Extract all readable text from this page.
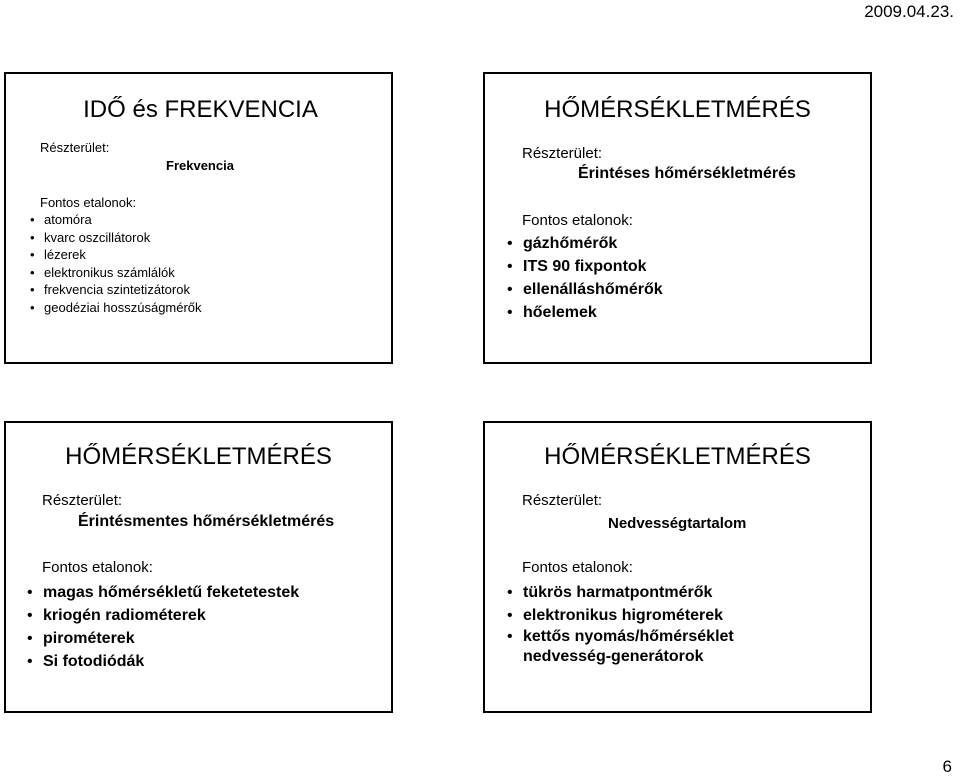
2009.04.23.
IDŐ és FREKVENCIA
Részterület:
Frekvencia
Fontos etalonok:
• atomóra
• kvarc oszcillátorok
• lézerek
• elektronikus számlálók
• frekvencia szintetizátorok
• geodéziai hosszúságmérők
HŐMÉRSÉKLETMÉRÉS
Részterület:
Érintéses hőmérsékletmérés
Fontos etalonok:
• gázhőmérők
• ITS 90 fixpontok
• ellenálláshőmérők
• hőelemek
HŐMÉRSÉKLETMÉRÉS
Részterület:
Érintésmentes hőmérsékletmérés
Fontos etalonok:
• magas hőmérsékletű feketetestek
• kriogén radiométerek
• pirométerek
• Si fotodiódák
HŐMÉRSÉKLETMÉRÉS
Részterület:
Nedvességtartalom
Fontos etalonok:
• tükrös harmatpontmérők
• elektronikus higrométerek
• kettős nyomás/hőmérséklet nedvesség-generátorok
6
